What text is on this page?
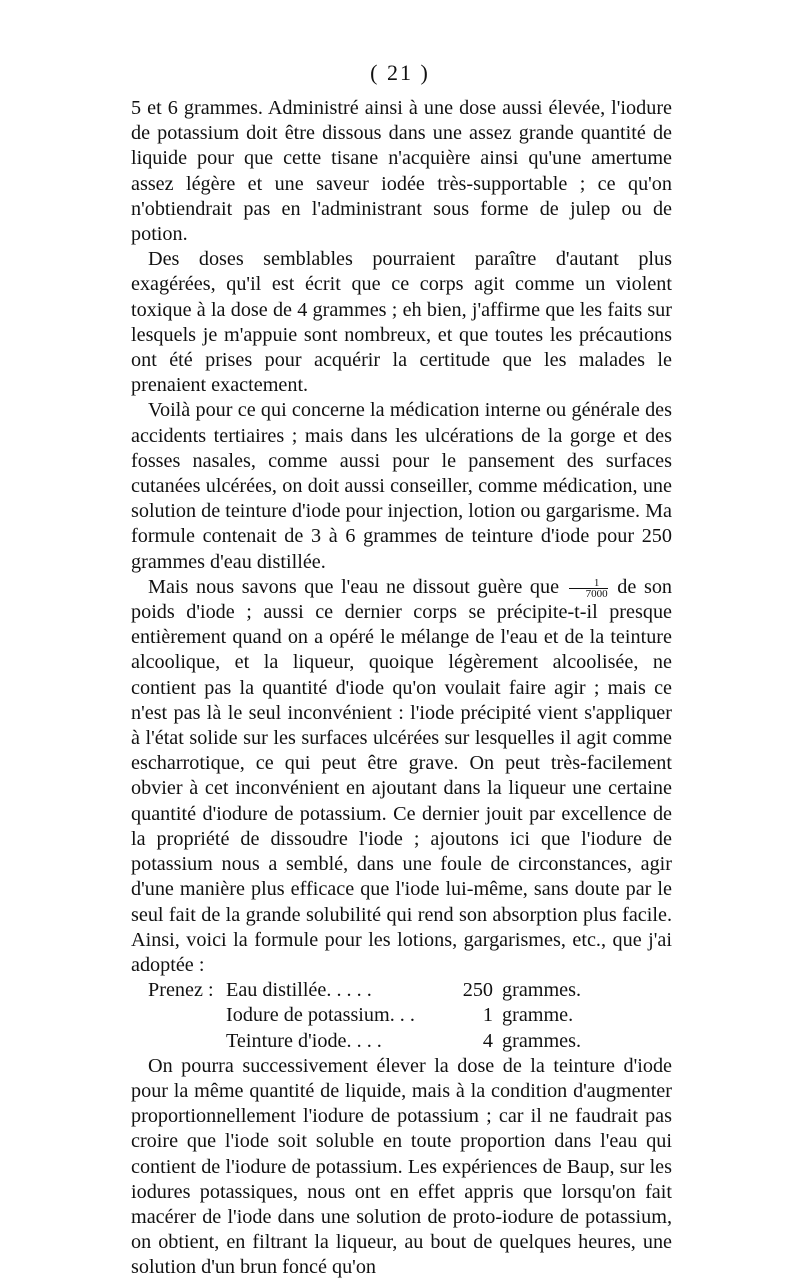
( 21 )

5 et 6 grammes. Administré ainsi à une dose aussi élevée, l'iodure de potassium doit être dissous dans une assez grande quantité de liquide pour que cette tisane n'acquière ainsi qu'une amertume assez légère et une saveur iodée très-supportable ; ce qu'on n'obtiendrait pas en l'administrant sous forme de julep ou de potion.

Des doses semblables pourraient paraître d'autant plus exagérées, qu'il est écrit que ce corps agit comme un violent toxique à la dose de 4 grammes ; eh bien, j'affirme que les faits sur lesquels je m'appuie sont nombreux, et que toutes les précautions ont été prises pour acquérir la certitude que les malades le prenaient exactement.

Voilà pour ce qui concerne la médication interne ou générale des accidents tertiaires ; mais dans les ulcérations de la gorge et des fosses nasales, comme aussi pour le pansement des surfaces cutanées ulcérées, on doit aussi conseiller, comme médication, une solution de teinture d'iode pour injection, lotion ou gargarisme. Ma formule contenait de 3 à 6 grammes de teinture d'iode pour 250 grammes d'eau distillée.

Mais nous savons que l'eau ne dissout guère que $\frac{1}{7000}$ de son poids d'iode ; aussi ce dernier corps se précipite-t-il presque entièrement quand on a opéré le mélange de l'eau et de la teinture alcoolique, et la liqueur, quoique légèrement alcoolisée, ne contient pas la quantité d'iode qu'on voulait faire agir ; mais ce n'est pas là le seul inconvénient : l'iode précipité vient s'appliquer à l'état solide sur les surfaces ulcérées sur lesquelles il agit comme escharrotique, ce qui peut être grave. On peut très-facilement obvier à cet inconvénient en ajoutant dans la liqueur une certaine quantité d'iodure de potassium. Ce dernier jouit par excellence de la propriété de dissoudre l'iode ; ajoutons ici que l'iodure de potassium nous a semblé, dans une foule de circonstances, agir d'une manière plus efficace que l'iode lui-même, sans doute par le seul fait de la grande solubilité qui rend son absorption plus facile. Ainsi, voici la formule pour les lotions, gargarismes, etc., que j'ai adoptée :

Prenez : Eau distillée. . . . .	250 grammes.
Iodure de potassium. . .	1 gramme.
Teinture d'iode. . . .	4 grammes.

On pourra successivement élever la dose de la teinture d'iode pour la même quantité de liquide, mais à la condition d'augmenter proportionnellement l'iodure de potassium ; car il ne faudrait pas croire que l'iode soit soluble en toute proportion dans l'eau qui contient de l'iodure de potassium. Les expériences de Baup, sur les iodures potassiques, nous ont en effet appris que lorsqu'on fait macérer de l'iode dans une solution de proto-iodure de potassium, on obtient, en filtrant la liqueur, au bout de quelques heures, une solution d'un brun foncé qu'on
